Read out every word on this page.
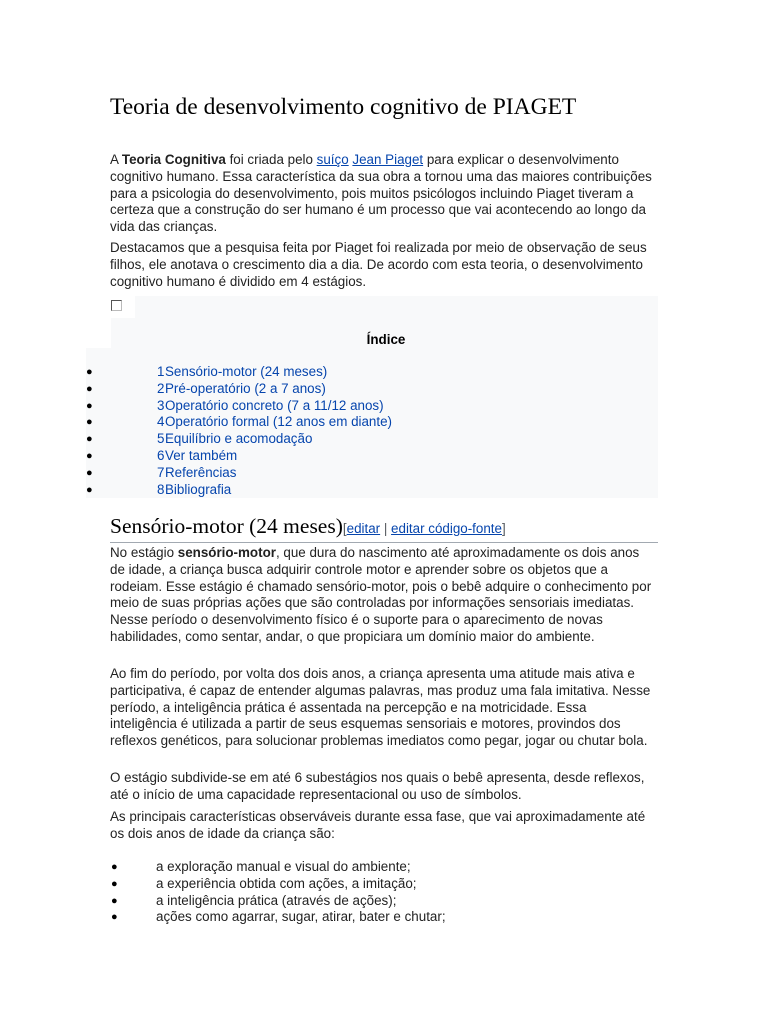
Teoria de desenvolvimento cognitivo de PIAGET

A Teoria Cognitiva foi criada pelo suíço Jean Piaget para explicar o desenvolvimento cognitivo humano. Essa característica da sua obra a tornou uma das maiores contribuições para a psicologia do desenvolvimento, pois muitos psicólogos incluindo Piaget tiveram a certeza que a construção do ser humano é um processo que vai acontecendo ao longo da vida das crianças.

Destacamos que a pesquisa feita por Piaget foi realizada por meio de observação de seus filhos, ele anotava o crescimento dia a dia. De acordo com esta teoria, o desenvolvimento cognitivo humano é dividido em 4 estágios.

Índice
●	1 Sensório-motor (24 meses)
●	2 Pré-operatório (2 a 7 anos)
●	3 Operatório concreto (7 a 11/12 anos)
●	4 Operatório formal (12 anos em diante)
●	5 Equilíbrio e acomodação
●	6 Ver também
●	7 Referências
●	8 Bibliografia
Sensório-motor (24 meses)[editar | editar código-fonte]

No estágio sensório-motor, que dura do nascimento até aproximadamente os dois anos de idade, a criança busca adquirir controle motor e aprender sobre os objetos que a rodeiam. Esse estágio é chamado sensório-motor, pois o bebê adquire o conhecimento por meio de suas próprias ações que são controladas por informações sensoriais imediatas. Nesse período o desenvolvimento físico é o suporte para o aparecimento de novas habilidades, como sentar, andar, o que propiciara um domínio maior do ambiente.

Ao fim do período, por volta dos dois anos, a criança apresenta uma atitude mais ativa e participativa, é capaz de entender algumas palavras, mas produz uma fala imitativa. Nesse período, a inteligência prática é assentada na percepção e na motricidade. Essa inteligência é utilizada a partir de seus esquemas sensoriais e motores, provindos dos reflexos genéticos, para solucionar problemas imediatos como pegar, jogar ou chutar bola.

O estágio subdivide-se em até 6 subestágios nos quais o bebê apresenta, desde reflexos, até o início de uma capacidade representacional ou uso de símbolos.

As principais características observáveis durante essa fase, que vai aproximadamente até os dois anos de idade da criança são:

●	a exploração manual e visual do ambiente;
●	a experiência obtida com ações, a imitação;
●	a inteligência prática (através de ações);
●	ações como agarrar, sugar, atirar, bater e chutar;
